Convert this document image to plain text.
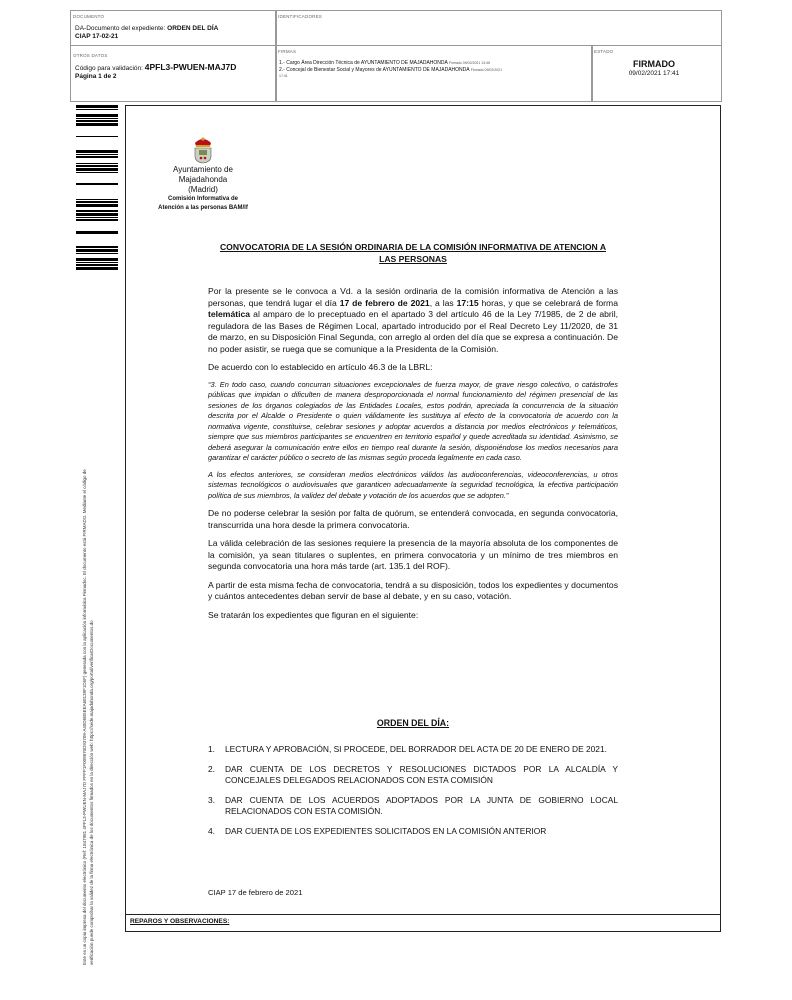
DOCUMENTO
DA-Documento del expediente: ORDEN DEL DÍA
CIAP 17-02-21
IDENTIFICADORES
OTROS DATOS
Código para validación: 4PFL3-PWUEN-MAJ7D
Página 1 de 2
FIRMAS
1.- Cargo Área Dirección Técnica de AYUNTAMIENTO DE MAJADAHONDA Firmado 09/02/2021 13:46
2.- Concejal de Bienestar Social y Mayores de AYUNTAMIENTO DE MAJADAHONDA Firmado 09/02/2021
17:41
ESTADO
FIRMADO
09/02/2021 17:41
Este es un copia impresa del documento electrónico (Ref: 1847981 4PFL3-PWUEN-MAJ7D FPFP1F009870D93709-A40D6B5EEA68139F1D5F) generada con la aplicación informática Firmadoc. El documento está FIRMADO. Mediante el código de verificación puede comprobar la validez de la firma electrónica de los documentos firmados en la dirección web: https://sede.majadahonda.org/portal/verificarDocumentos.do	REPAROS Y OBSERVACIONES:
Ayuntamiento de
Majadahonda
(Madrid)
Comisión Informativa de
Atención a las personas BAM/lf
CONVOCATORIA DE LA SESIÓN ORDINARIA DE LA COMISIÓN INFORMATIVA DE ATENCION A
LAS PERSONAS

Por la presente se le convoca a Vd. a la sesión ordinaria de la comisión informativa de Atención a las personas, que tendrá lugar el día 17 de febrero de 2021, a las 17:15 horas, y que se celebrará de forma telemática al amparo de lo preceptuado en el apartado 3 del artículo 46 de la Ley 7/1985, de 2 de abril, reguladora de las Bases de Régimen Local, apartado introducido por el Real Decreto Ley 11/2020, de 31 de marzo, en su Disposición Final Segunda, con arreglo al orden del día que se expresa a continuación. De no poder asistir, se ruega que se comunique a la Presidenta de la Comisión.

De acuerdo con lo establecido en artículo 46.3 de la LBRL:

“3. En todo caso, cuando concurran situaciones excepcionales de fuerza mayor, de grave riesgo colectivo, o catástrofes públicas que impidan o dificulten de manera desproporcionada el normal funcionamiento del régimen presencial de las sesiones de los órganos colegiados de las Entidades Locales, estos podrán, apreciada la concurrencia de la situación descrita por el Alcalde o Presidente o quien válidamente les sustituya al efecto de la convocatoria de acuerdo con la normativa vigente, constituirse, celebrar sesiones y adoptar acuerdos a distancia por medios electrónicos y telemáticos, siempre que sus miembros participantes se encuentren en territorio español y quede acreditada su identidad. Asimismo, se deberá asegurar la comunicación entre ellos en tiempo real durante la sesión, disponiéndose los medios necesarios para garantizar el carácter público o secreto de las mismas según proceda legalmente en cada caso.

A los efectos anteriores, se consideran medios electrónicos válidos las audioconferencias, videoconferencias, u otros sistemas tecnológicos o audiovisuales que garanticen adecuadamente la seguridad tecnológica, la efectiva participación política de sus miembros, la validez del debate y votación de los acuerdos que se adopten.”

De no poderse celebrar la sesión por falta de quórum, se entenderá convocada, en segunda convocatoria, transcurrida una hora desde la primera convocatoria.

La válida celebración de las sesiones requiere la presencia de la mayoría absoluta de los componentes de la comisión, ya sean titulares o suplentes, en primera convocatoria y un mínimo de tres miembros en segunda convocatoria una hora más tarde (art. 135.1 del ROF).

A partir de esta misma fecha de convocatoria, tendrá a su disposición, todos los expedientes y documentos y cuántos antecedentes deban servir de base al debate, y en su caso, votación.

Se tratarán los expedientes que figuran en el siguiente:

ORDEN DEL DÍA:
1.	LECTURA Y APROBACIÓN, SI PROCEDE, DEL BORRADOR DEL ACTA DE 20 DE ENERO DE 2021.
2.	DAR CUENTA DE LOS DECRETOS Y RESOLUCIONES DICTADOS POR LA ALCALDÍA Y CONCEJALES DELEGADOS RELACIONADOS CON ESTA COMISIÓN
3.	DAR CUENTA DE LOS ACUERDOS ADOPTADOS POR LA JUNTA DE GOBIERNO LOCAL RELACIONADOS CON ESTA COMISIÓN.
4.	DAR CUENTA DE LOS EXPEDIENTES SOLICITADOS EN LA COMISIÓN ANTERIOR
CIAP 17 de febrero de 2021
